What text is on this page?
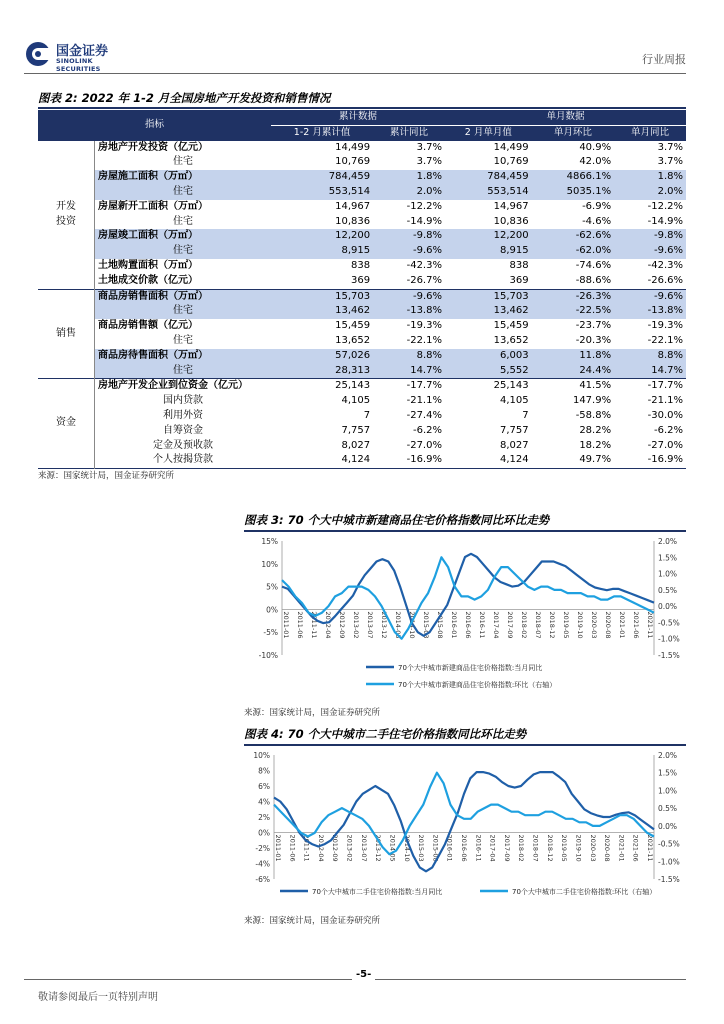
国金证券
SINOLINK SECURITIES
行业周报
图表 2: 2022 年 1-2 月全国房地产开发投资和销售情况
指标		累计数据		单月数据		
		1-2 月累计值	累计同比	2 月单月值	单月环比	单月同比
开发
投资	房地产开发投资（亿元）	14,499	3.7%	14,499	40.9%	3.7%
	住宅	10,769	3.7%	10,769	42.0%	3.7%
	房屋施工面积（万㎡）	784,459	1.8%	784,459	4866.1%	1.8%
	住宅	553,514	2.0%	553,514	5035.1%	2.0%
	房屋新开工面积（万㎡）	14,967	-12.2%	14,967	-6.9%	-12.2%
	住宅	10,836	-14.9%	10,836	-4.6%	-14.9%
	房屋竣工面积（万㎡）	12,200	-9.8%	12,200	-62.6%	-9.8%
	住宅	8,915	-9.6%	8,915	-62.0%	-9.6%
	土地购置面积（万㎡）	838	-42.3%	838	-74.6%	-42.3%
	土地成交价款（亿元）	369	-26.7%	369	-88.6%	-26.6%
销售	商品房销售面积（万㎡）	15,703	-9.6%	15,703	-26.3%	-9.6%
	住宅	13,462	-13.8%	13,462	-22.5%	-13.8%
	商品房销售额（亿元）	15,459	-19.3%	15,459	-23.7%	-19.3%
	住宅	13,652	-22.1%	13,652	-20.3%	-22.1%
	商品房待售面积（万㎡）	57,026	8.8%	6,003	11.8%	8.8%
	住宅	28,313	14.7%	5,552	24.4%	14.7%
资金	房地产开发企业到位资金（亿元）	25,143	-17.7%	25,143	41.5%	-17.7%
	国内贷款	4,105	-21.1%	4,105	147.9%	-21.1%
	利用外资	7	-27.4%	7	-58.8%	-30.0%
	自筹资金	7,757	-6.2%	7,757	28.2%	-6.2%
	定金及预收款	8,027	-27.0%	8,027	18.2%	-27.0%
	个人按揭贷款	4,124	-16.9%	4,124	49.7%	-16.9%
来源：国家统计局，国金证券研究所
图表 3: 70 个大中城市新建商品住宅价格指数同比环比走势
15%
10%
5%
0%
-5%
-10%
2.0%
1.5%
1.0%
0.5%
0.0%
-0.5%
-1.0%
-1.5%
2011-01 2011-06 2011-11 2012-04 2012-09 2013-02 2013-07 2013-12 2014-05 2014-10 2015-03 2015-08 2016-01 2016-06 2016-11 2017-04 2017-09 2018-02 2018-07 2018-12 2019-05 2019-10 2020-03 2020-08 2021-01 2021-06 2021-11
70个大中城市新建商品住宅价格指数:当月同比
70个大中城市新建商品住宅价格指数:环比（右轴）
来源：国家统计局，国金证券研究所
图表 4: 70 个大中城市二手住宅价格指数同比环比走势
10%
8%
6%
4%
2%
0%
-2%
-4%
-6%
2.0%
1.5%
1.0%
0.5%
0.0%
-0.5%
-1.0%
-1.5%
2011-01 2011-06 2011-11 2012-04 2012-09 2013-02 2013-07 2013-12 2014-05 2014-10 2015-03 2015-08 2016-01 2016-06 2016-11 2017-04 2017-09 2018-02 2018-07 2018-12 2019-05 2019-10 2020-03 2020-08 2021-01 2021-06 2021-11
70个大中城市二手住宅价格指数:当月同比	70个大中城市二手住宅价格指数:环比（右轴）
来源：国家统计局，国金证券研究所
-5-
敬请参阅最后一页特别声明
